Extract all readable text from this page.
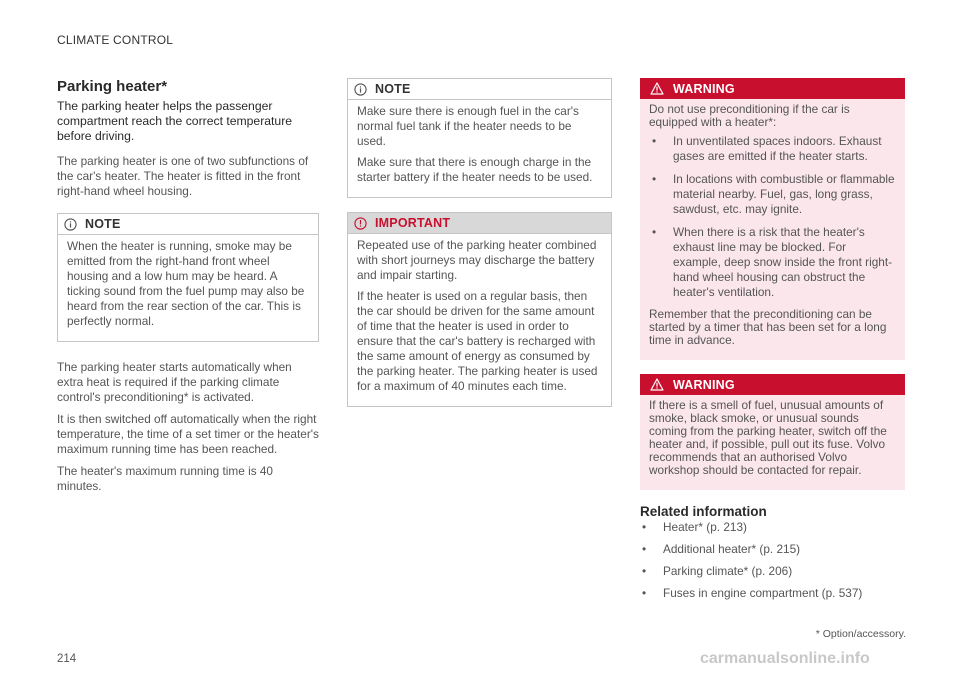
CLIMATE CONTROL
Parking heater*

The parking heater helps the passenger compartment reach the correct temperature before driving.

The parking heater is one of two subfunctions of the car's heater. The heater is fitted in the front right-hand wheel housing.

NOTE

When the heater is running, smoke may be emitted from the right-hand front wheel housing and a low hum may be heard. A ticking sound from the fuel pump may also be heard from the rear section of the car. This is perfectly normal.

The parking heater starts automatically when extra heat is required if the parking climate control's preconditioning* is activated.

It is then switched off automatically when the right temperature, the time of a set timer or the heater's maximum running time has been reached.

The heater's maximum running time is 40 minutes.

NOTE

Make sure there is enough fuel in the car's normal fuel tank if the heater needs to be used.

Make sure that there is enough charge in the starter battery if the heater needs to be used.

IMPORTANT

Repeated use of the parking heater combined with short journeys may discharge the battery and impair starting.

If the heater is used on a regular basis, then the car should be driven for the same amount of time that the heater is used in order to ensure that the car's battery is recharged with the same amount of energy as consumed by the parking heater. The parking heater is used for a maximum of 40 minutes each time.

WARNING

Do not use preconditioning if the car is equipped with a heater*:

• In unventilated spaces indoors. Exhaust gases are emitted if the heater starts.
• In locations with combustible or flammable material nearby. Fuel, gas, long grass, sawdust, etc. may ignite.
• When there is a risk that the heater's exhaust line may be blocked. For example, deep snow inside the front right-hand wheel housing can obstruct the heater's ventilation.

Remember that the preconditioning can be started by a timer that has been set for a long time in advance.

WARNING

If there is a smell of fuel, unusual amounts of smoke, black smoke, or unusual sounds coming from the parking heater, switch off the heater and, if possible, pull out its fuse. Volvo recommends that an authorised Volvo workshop should be contacted for repair.

Related information
• Heater* (p. 213)
• Additional heater* (p. 215)
• Parking climate* (p. 206)
• Fuses in engine compartment (p. 537)
* Option/accessory.
214	carmanualsonline.info
